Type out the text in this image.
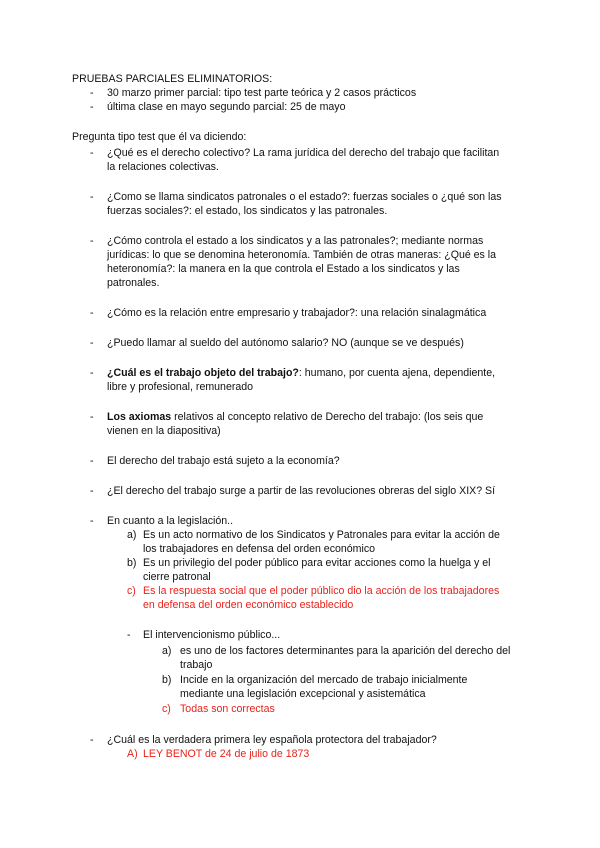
PRUEBAS PARCIALES ELIMINATORIOS:
-	30 marzo primer parcial: tipo test parte teórica y 2 casos prácticos
-	última clase en mayo segundo parcial: 25 de mayo
Pregunta tipo test que él va diciendo:
-	¿Qué es el derecho colectivo? La rama jurídica del derecho del trabajo que facilitan
la relaciones colectivas.
-	¿Como se llama sindicatos patronales o el estado?: fuerzas sociales o ¿qué son las
fuerzas sociales?: el estado, los sindicatos y las patronales.
-	¿Cómo controla el estado a los sindicatos y a las patronales?; mediante normas
jurídicas: lo que se denomina heteronomía. También de otras maneras: ¿Qué es la
heteronomía?: la manera en la que controla el Estado a los sindicatos y las
patronales.
-	¿Cómo es la relación entre empresario y trabajador?: una relación sinalagmática
-	¿Puedo llamar al sueldo del autónomo salario? NO (aunque se ve después)
-	¿Cuál es el trabajo objeto del trabajo?: humano, por cuenta ajena, dependiente,
libre y profesional, remunerado
-	Los axiomas relativos al concepto relativo de Derecho del trabajo: (los seis que
vienen en la diapositiva)
-	El derecho del trabajo está sujeto a la economía?
-	¿El derecho del trabajo surge a partir de las revoluciones obreras del siglo XIX? Sí
-	En cuanto a la legislación..
a) Es un acto normativo de los Sindicatos y Patronales para evitar la acción de
los trabajadores en defensa del orden económico
b) Es un privilegio del poder público para evitar acciones como la huelga y el
cierre patronal
c) Es la respuesta social que el poder público dio la acción de los trabajadores
en defensa del orden económico establecido
- El intervencionismo público...
a) es uno de los factores determinantes para la aparición del derecho del
trabajo
b) Incide en la organización del mercado de trabajo inicialmente
mediante una legislación excepcional y asistemática
c) Todas son correctas
-	¿Cuál es la verdadera primera ley española protectora del trabajador?
A) LEY BENOT de 24 de julio de 1873
